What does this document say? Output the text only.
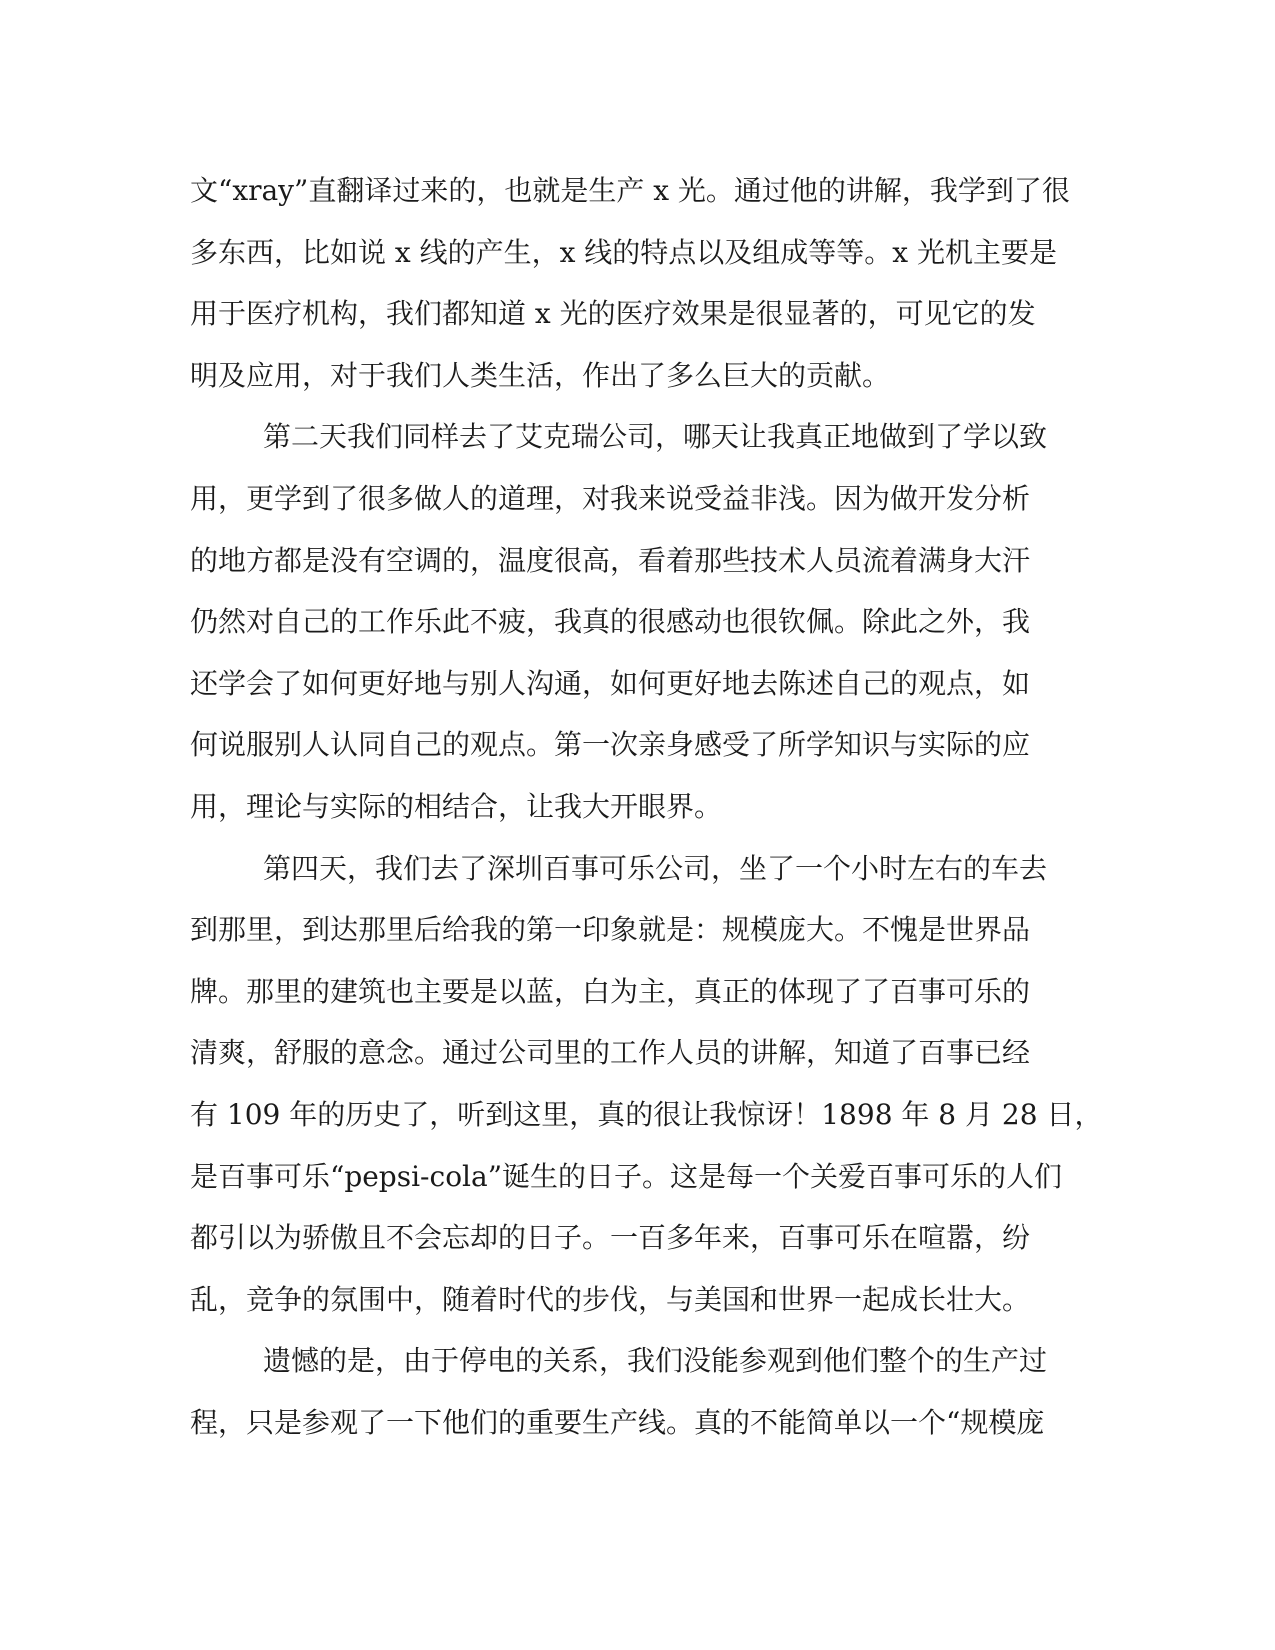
文“xray”直翻译过来的，也就是生产 x 光。通过他的讲解，我学到了很
多东西，比如说 x 线的产生，x 线的特点以及组成等等。x 光机主要是
用于医疗机构，我们都知道 x 光的医疗效果是很显著的，可见它的发
明及应用，对于我们人类生活，作出了多么巨大的贡献。
第二天我们同样去了艾克瑞公司，哪天让我真正地做到了学以致
用，更学到了很多做人的道理，对我来说受益非浅。因为做开发分析
的地方都是没有空调的，温度很高，看着那些技术人员流着满身大汗
仍然对自己的工作乐此不疲，我真的很感动也很钦佩。除此之外，我
还学会了如何更好地与别人沟通，如何更好地去陈述自己的观点，如
何说服别人认同自己的观点。第一次亲身感受了所学知识与实际的应
用，理论与实际的相结合，让我大开眼界。
第四天，我们去了深圳百事可乐公司，坐了一个小时左右的车去
到那里，到达那里后给我的第一印象就是：规模庞大。不愧是世界品
牌。那里的建筑也主要是以蓝，白为主，真正的体现了了百事可乐的
清爽，舒服的意念。通过公司里的工作人员的讲解，知道了百事已经
有 109 年的历史了，听到这里，真的很让我惊讶！1898 年 8 月 28 日，
是百事可乐“pepsi-cola”诞生的日子。这是每一个关爱百事可乐的人们
都引以为骄傲且不会忘却的日子。一百多年来，百事可乐在喧嚣，纷
乱，竞争的氛围中，随着时代的步伐，与美国和世界一起成长壮大。
遗憾的是，由于停电的关系，我们没能参观到他们整个的生产过
程，只是参观了一下他们的重要生产线。真的不能简单以一个“规模庞
